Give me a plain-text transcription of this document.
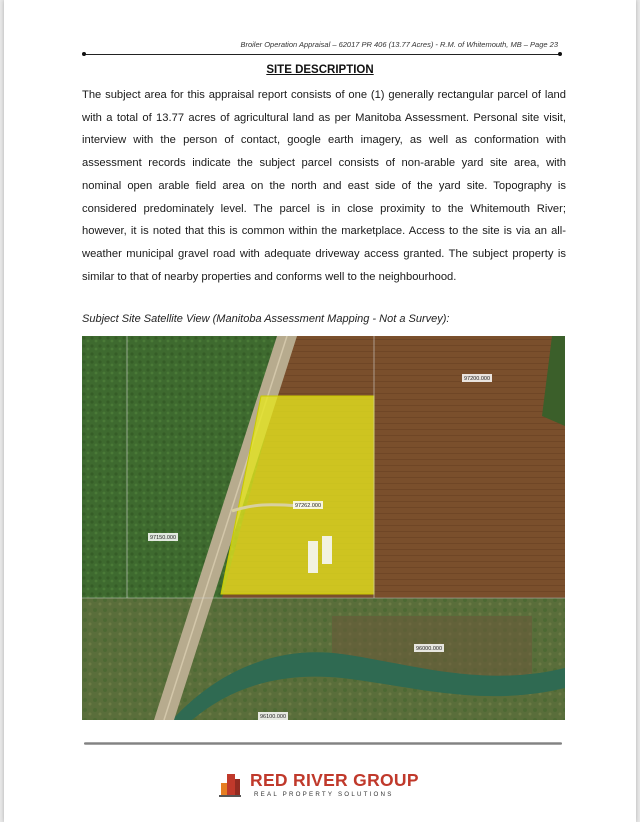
Broiler Operation Appraisal – 62017 PR 406 (13.77 Acres) - R.M. of Whitemouth, MB – Page 23
SITE DESCRIPTION
The subject area for this appraisal report consists of one (1) generally rectangular parcel of land with a total of 13.77 acres of agricultural land as per Manitoba Assessment. Personal site visit, interview with the person of contact, google earth imagery, as well as conformation with assessment records indicate the subject parcel consists of non-arable yard site area, with nominal open arable field area on the north and east side of the yard site. Topography is considered predominately level. The parcel is in close proximity to the Whitemouth River; however, it is noted that this is common within the marketplace. Access to the site is via an all-weather municipal gravel road with adequate driveway access granted. The subject property is similar to that of nearby properties and conforms well to the neighbourhood.
Subject Site Satellite View (Manitoba Assessment Mapping - Not a Survey):
97200.000
97262.000
97150.000
96000.000
96100.000
RED RIVER GROUP
REAL PROPERTY SOLUTIONS
